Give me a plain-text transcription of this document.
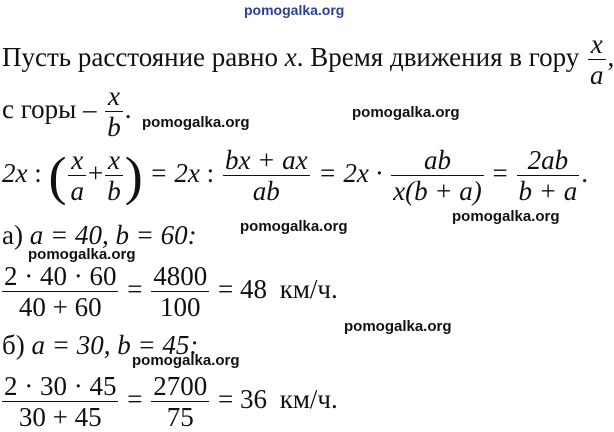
pomogalka.org
Пусть расстояние равно x. Время движения в гору $\frac{x}{a}$ ,
с горы – $\frac{x}{b}$ . pomogalka.org
pomogalka.org
2x : ( $\frac{x}{a} + \frac{x}{b}$ ) = 2x : $\frac{bx + ax}{ab} = 2x \cdot \frac{ab}{x(b + a)} = \frac{2ab}{b + a}$ .
pomogalka.org
pomogalka.org
а) a = 40, b = 60:
pomogalka.org
$\frac{2 \cdot 40 \cdot 60}{40 + 60} = \frac{4800}{100} = 48$ км/ч.
pomogalka.org
б) a = 30, b = 45:
pomogalka.org
$\frac{2 \cdot 30 \cdot 45}{30 + 45} = \frac{2700}{75} = 36$ км/ч.
